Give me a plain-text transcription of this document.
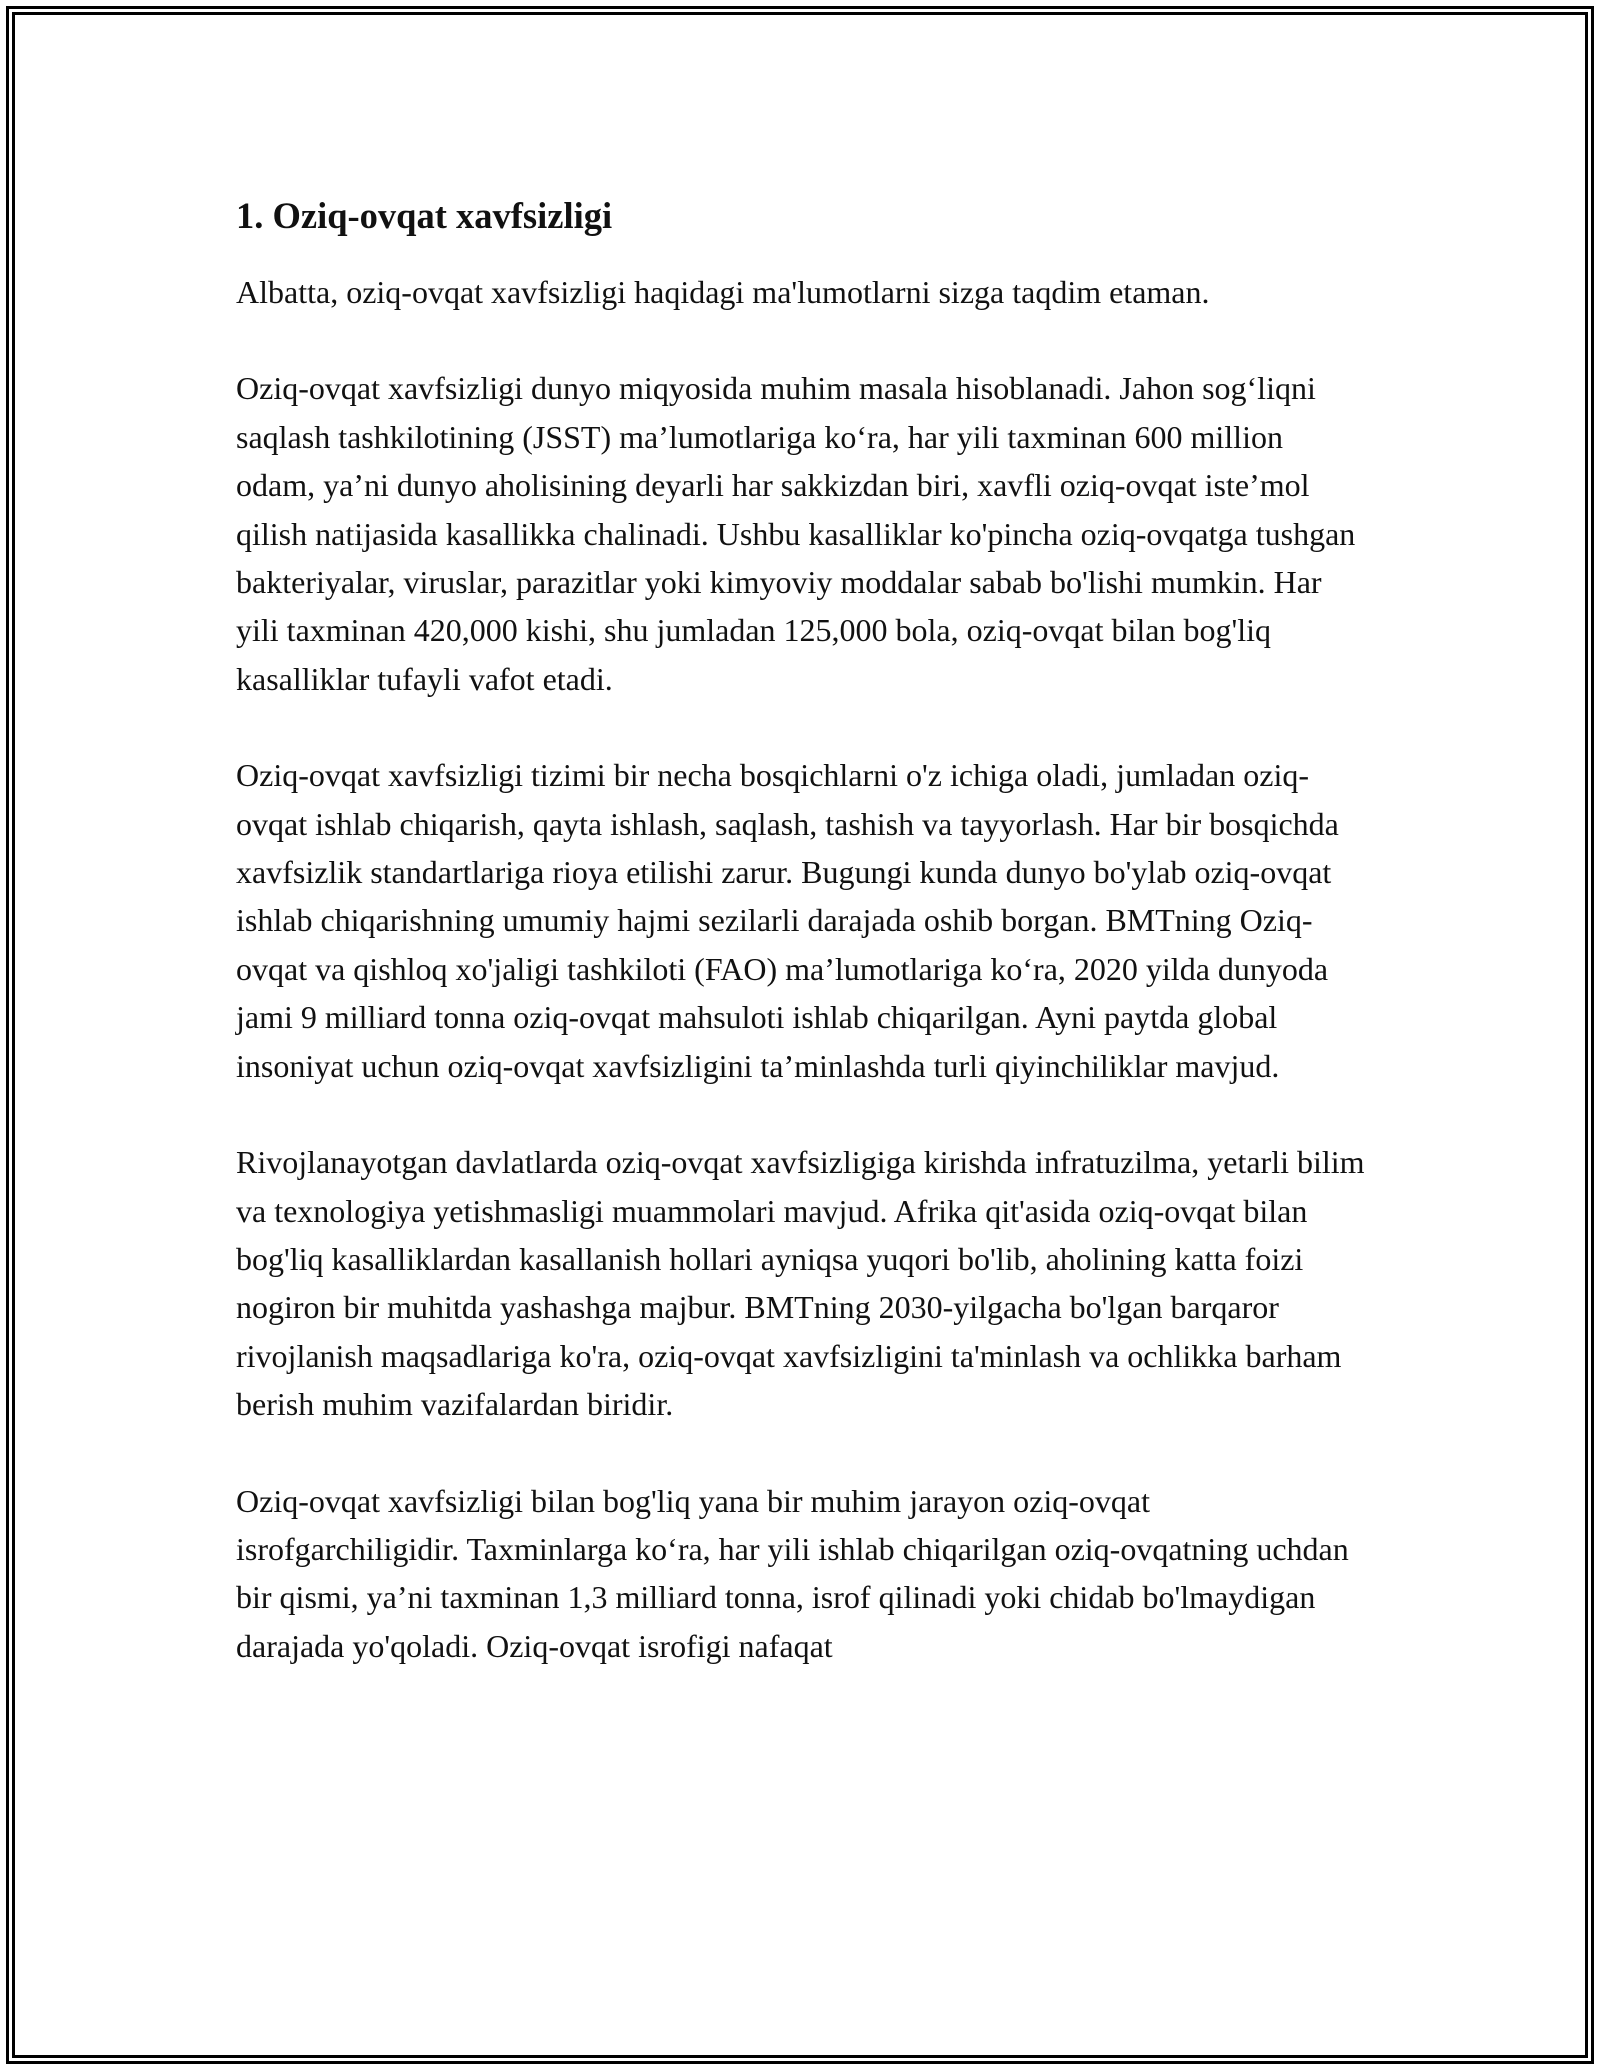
1. Oziq-ovqat xavfsizligi

Albatta, oziq-ovqat xavfsizligi haqidagi ma'lumotlarni sizga taqdim etaman.

Oziq-ovqat xavfsizligi dunyo miqyosida muhim masala hisoblanadi. Jahon sog‘liqni saqlash tashkilotining (JSST) ma’lumotlariga ko‘ra, har yili taxminan 600 million odam, ya’ni dunyo aholisining deyarli har sakkizdan biri, xavfli oziq-ovqat iste’mol qilish natijasida kasallikka chalinadi. Ushbu kasalliklar ko'pincha oziq-ovqatga tushgan bakteriyalar, viruslar, parazitlar yoki kimyoviy moddalar sabab bo'lishi mumkin. Har yili taxminan 420,000 kishi, shu jumladan 125,000 bola, oziq-ovqat bilan bog'liq kasalliklar tufayli vafot etadi.

Oziq-ovqat xavfsizligi tizimi bir necha bosqichlarni o'z ichiga oladi, jumladan oziq-ovqat ishlab chiqarish, qayta ishlash, saqlash, tashish va tayyorlash. Har bir bosqichda xavfsizlik standartlariga rioya etilishi zarur. Bugungi kunda dunyo bo'ylab oziq-ovqat ishlab chiqarishning umumiy hajmi sezilarli darajada oshib borgan. BMTning Oziq-ovqat va qishloq xo'jaligi tashkiloti (FAO) ma’lumotlariga ko‘ra, 2020 yilda dunyoda jami 9 milliard tonna oziq-ovqat mahsuloti ishlab chiqarilgan. Ayni paytda global insoniyat uchun oziq-ovqat xavfsizligini ta’minlashda turli qiyinchiliklar mavjud.

Rivojlanayotgan davlatlarda oziq-ovqat xavfsizligiga kirishda infratuzilma, yetarli bilim va texnologiya yetishmasligi muammolari mavjud. Afrika qit'asida oziq-ovqat bilan bog'liq kasalliklardan kasallanish hollari ayniqsa yuqori bo'lib, aholining katta foizi nogiron bir muhitda yashashga majbur. BMTning 2030-yilgacha bo'lgan barqaror rivojlanish maqsadlariga ko'ra, oziq-ovqat xavfsizligini ta'minlash va ochlikka barham berish muhim vazifalardan biridir.

Oziq-ovqat xavfsizligi bilan bog'liq yana bir muhim jarayon oziq-ovqat isrofgarchiligidir. Taxminlarga ko‘ra, har yili ishlab chiqarilgan oziq-ovqatning uchdan bir qismi, ya’ni taxminan 1,3 milliard tonna, isrof qilinadi yoki chidab bo'lmaydigan darajada yo'qoladi. Oziq-ovqat isrofigi nafaqat
